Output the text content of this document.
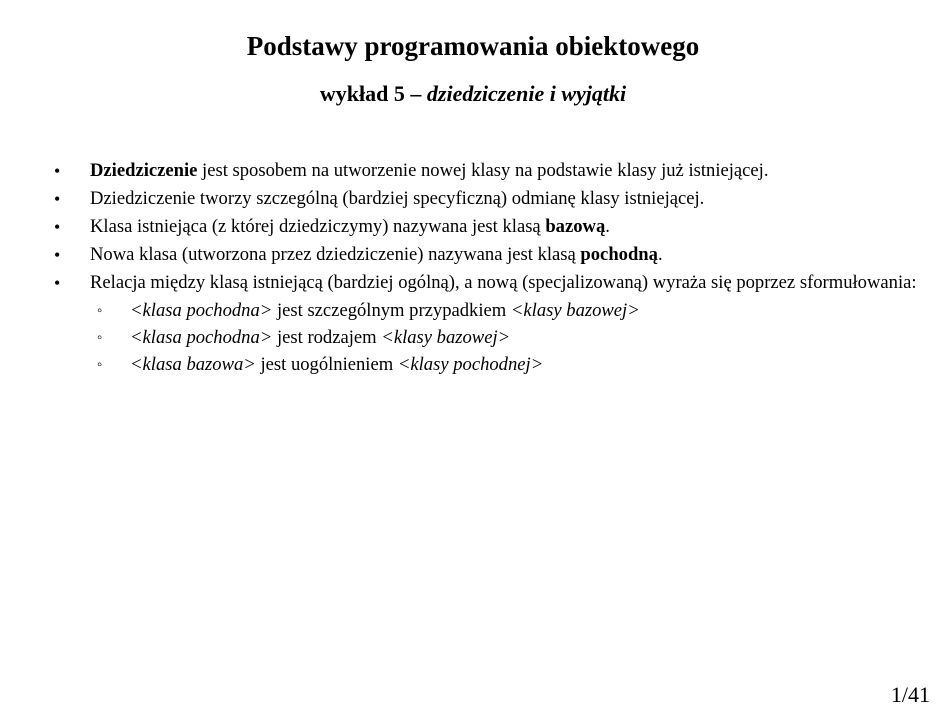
Podstawy programowania obiektowego
wykład 5 – dziedziczenie i wyjątki
• Dziedziczenie jest sposobem na utworzenie nowej klasy na podstawie klasy już istniejącej.
• Dziedziczenie tworzy szczególną (bardziej specyficzną) odmianę klasy istniejącej.
• Klasa istniejąca (z której dziedziczymy) nazywana jest klasą bazową.
• Nowa klasa (utworzona przez dziedziczenie) nazywana jest klasą pochodną.
• Relacja między klasą istniejącą (bardziej ogólną), a nową (specjalizowaną) wyraża się poprzez sformułowania:
◦ <klasa pochodna> jest szczególnym przypadkiem <klasy bazowej>
◦ <klasa pochodna> jest rodzajem <klasy bazowej>
◦ <klasa bazowa> jest uogólnieniem <klasy pochodnej>
1/41
